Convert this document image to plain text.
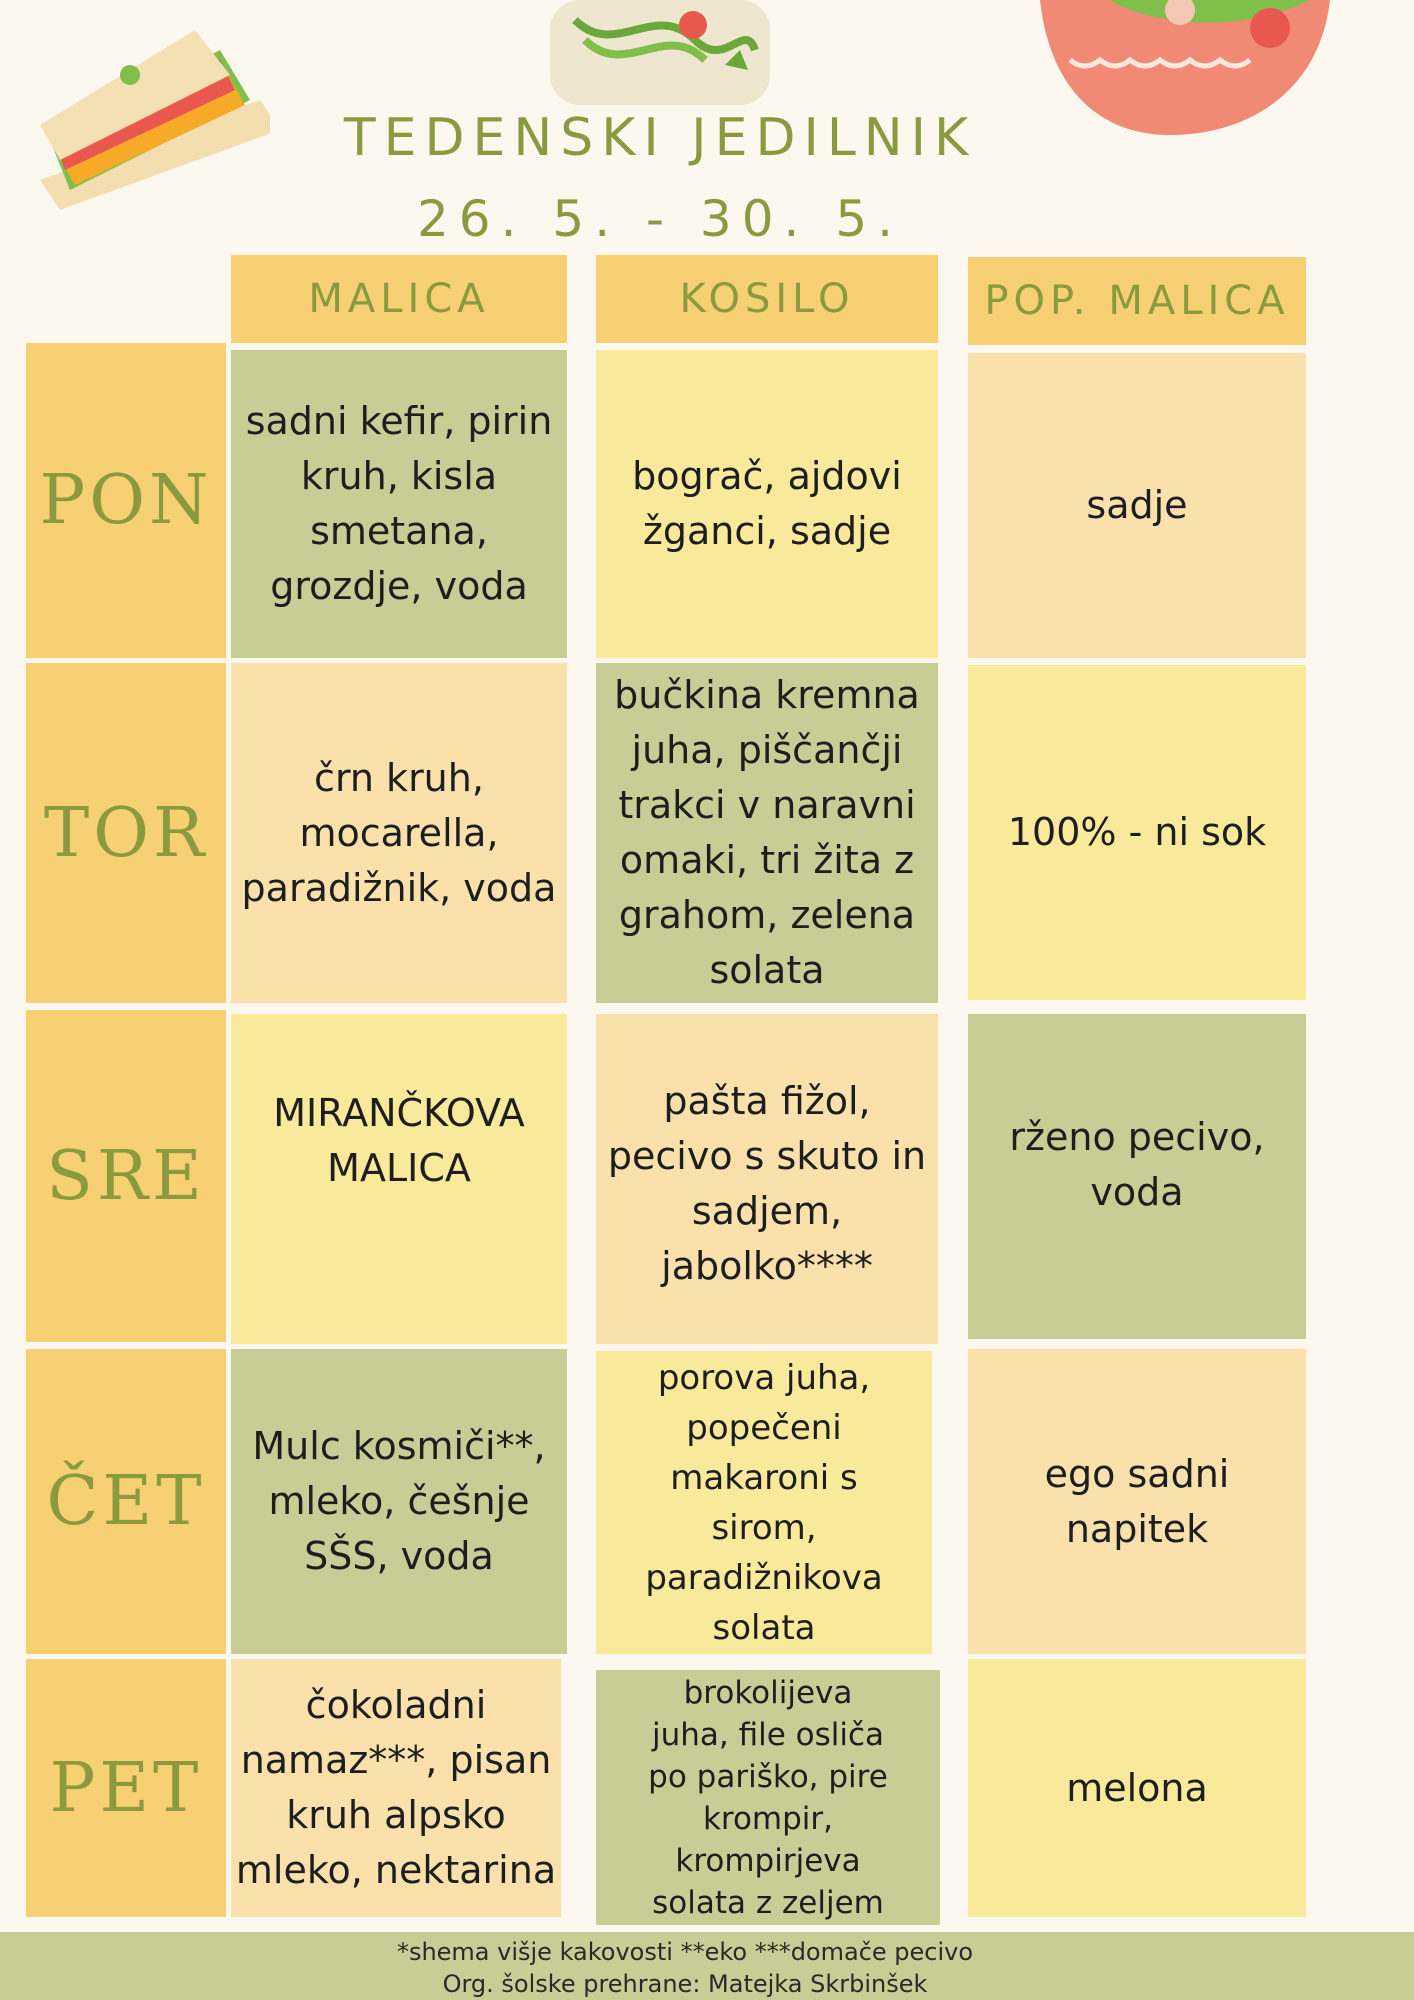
TEDENSKI JEDILNIK
26. 5. - 30. 5.
MALICA	KOSILO	POP. MALICA
PON
TOR
SRE
ČET
PET
sadni kefir, pirin kruh, kisla smetana, grozdje, voda
bograč, ajdovi žganci, sadje
sadje
črn kruh, mocarella, paradižnik, voda
bučkina kremna juha, piščančji trakci v naravni omaki, tri žita z grahom, zelena solata
100% - ni sok
MIRANČKOVA MALICA
pašta fižol, pecivo s skuto in sadjem, jabolko****
rženo pecivo, voda
Mulc kosmiči**, mleko, češnje SŠS, voda
porova juha, popečeni makaroni s sirom, paradižnikova solata
ego sadni napitek
čokoladni namaz***, pisan kruh alpsko mleko, nektarina
brokolijeva juha, file osliča po pariško, pire krompir, krompirjeva solata z zeljem
melona
*shema višje kakovosti **eko ***domače pecivo
Org. šolske prehrane: Matejka Skrbinšek
